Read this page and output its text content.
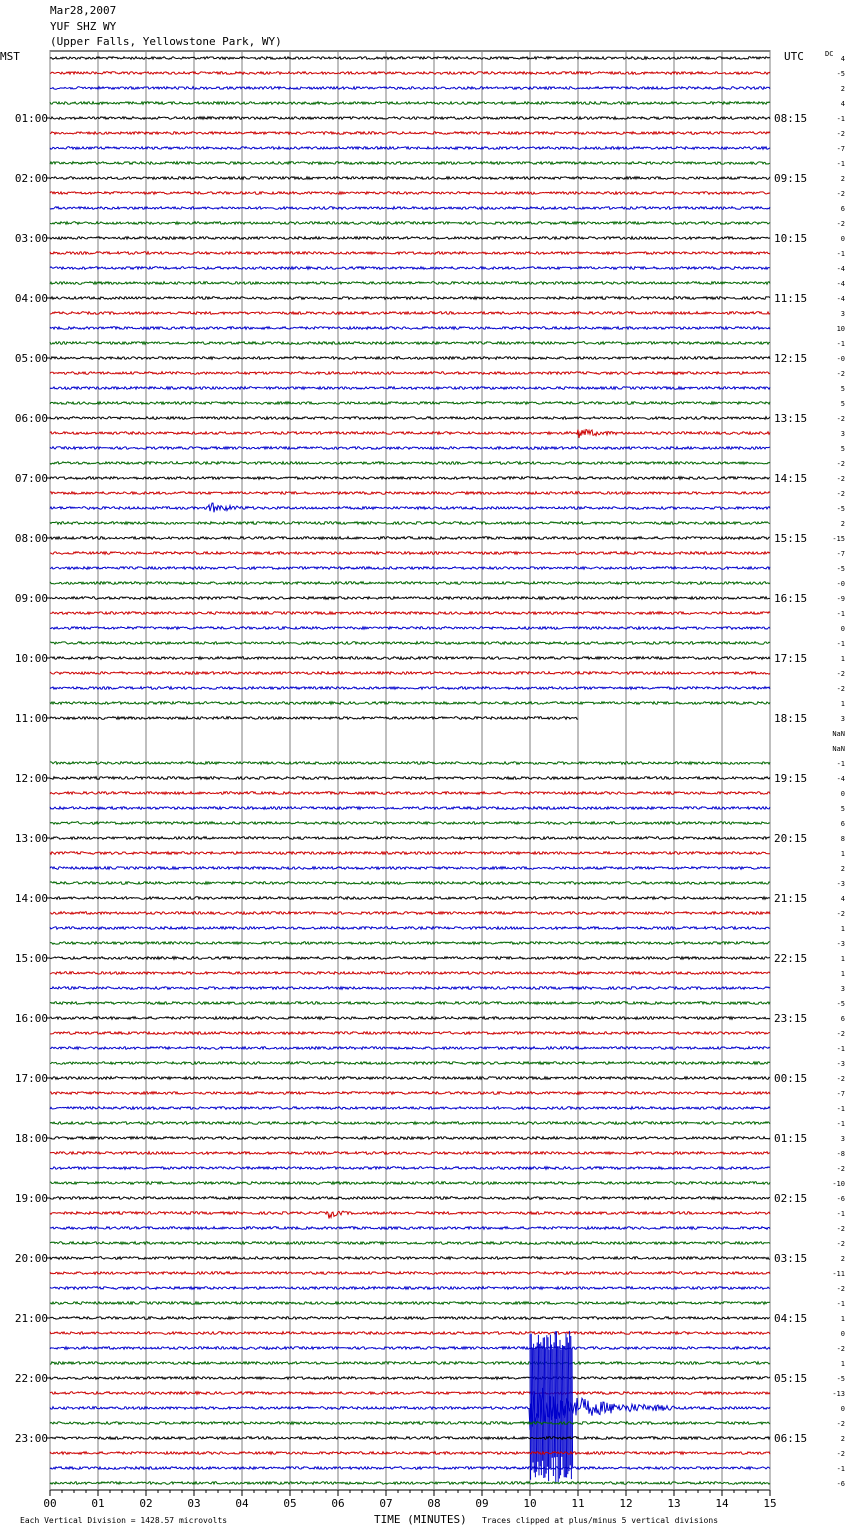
Mar28,2007
YUF SHZ WY
(Upper Falls, Yellowstone Park, WY)
00	01	02	03	04	05	06	07	08	09	10	11	12	13	14	15
4
-5
2
4
-1
-2
-7
-1
2
-2
6
-2
0
-1
-4
-4
-4
3
10
-1
-0
-2
5
5
-2
3
5
-2
-2
-2
-5
2
-15
-7
-5
-0
-9
-1
0
-1
1
-2
-2
1
3
NaN
NaN
-1
-4
0
5
6
8
1
2
-3
4
-2
1
-3
1
1
3
-5
6
-2
-1
-3
-2
-7
-1
-1
3
-8
-2
-10
-6
-1
-2
-2
2
-11
-2
-1
1
0
-2
1
-5
-13
0
-2
2
-2
-1
-6
01:00
02:00
03:00
04:00
05:00
06:00
07:00
08:00
09:00
10:00
11:00
12:00
13:00
14:00
15:00
16:00
17:00
18:00
19:00
20:00
21:00
22:00
23:00
08:15
09:15
10:15
11:15
12:15
13:15
14:15
15:15
16:15
17:15
18:15
19:15
20:15
21:15
22:15
23:15
00:15
01:15
02:15
03:15
04:15
05:15
06:15
MST	UTC	DC
TIME (MINUTES)
Each Vertical Division = 1428.57 microvolts	Traces clipped at plus/minus 5 vertical divisions
